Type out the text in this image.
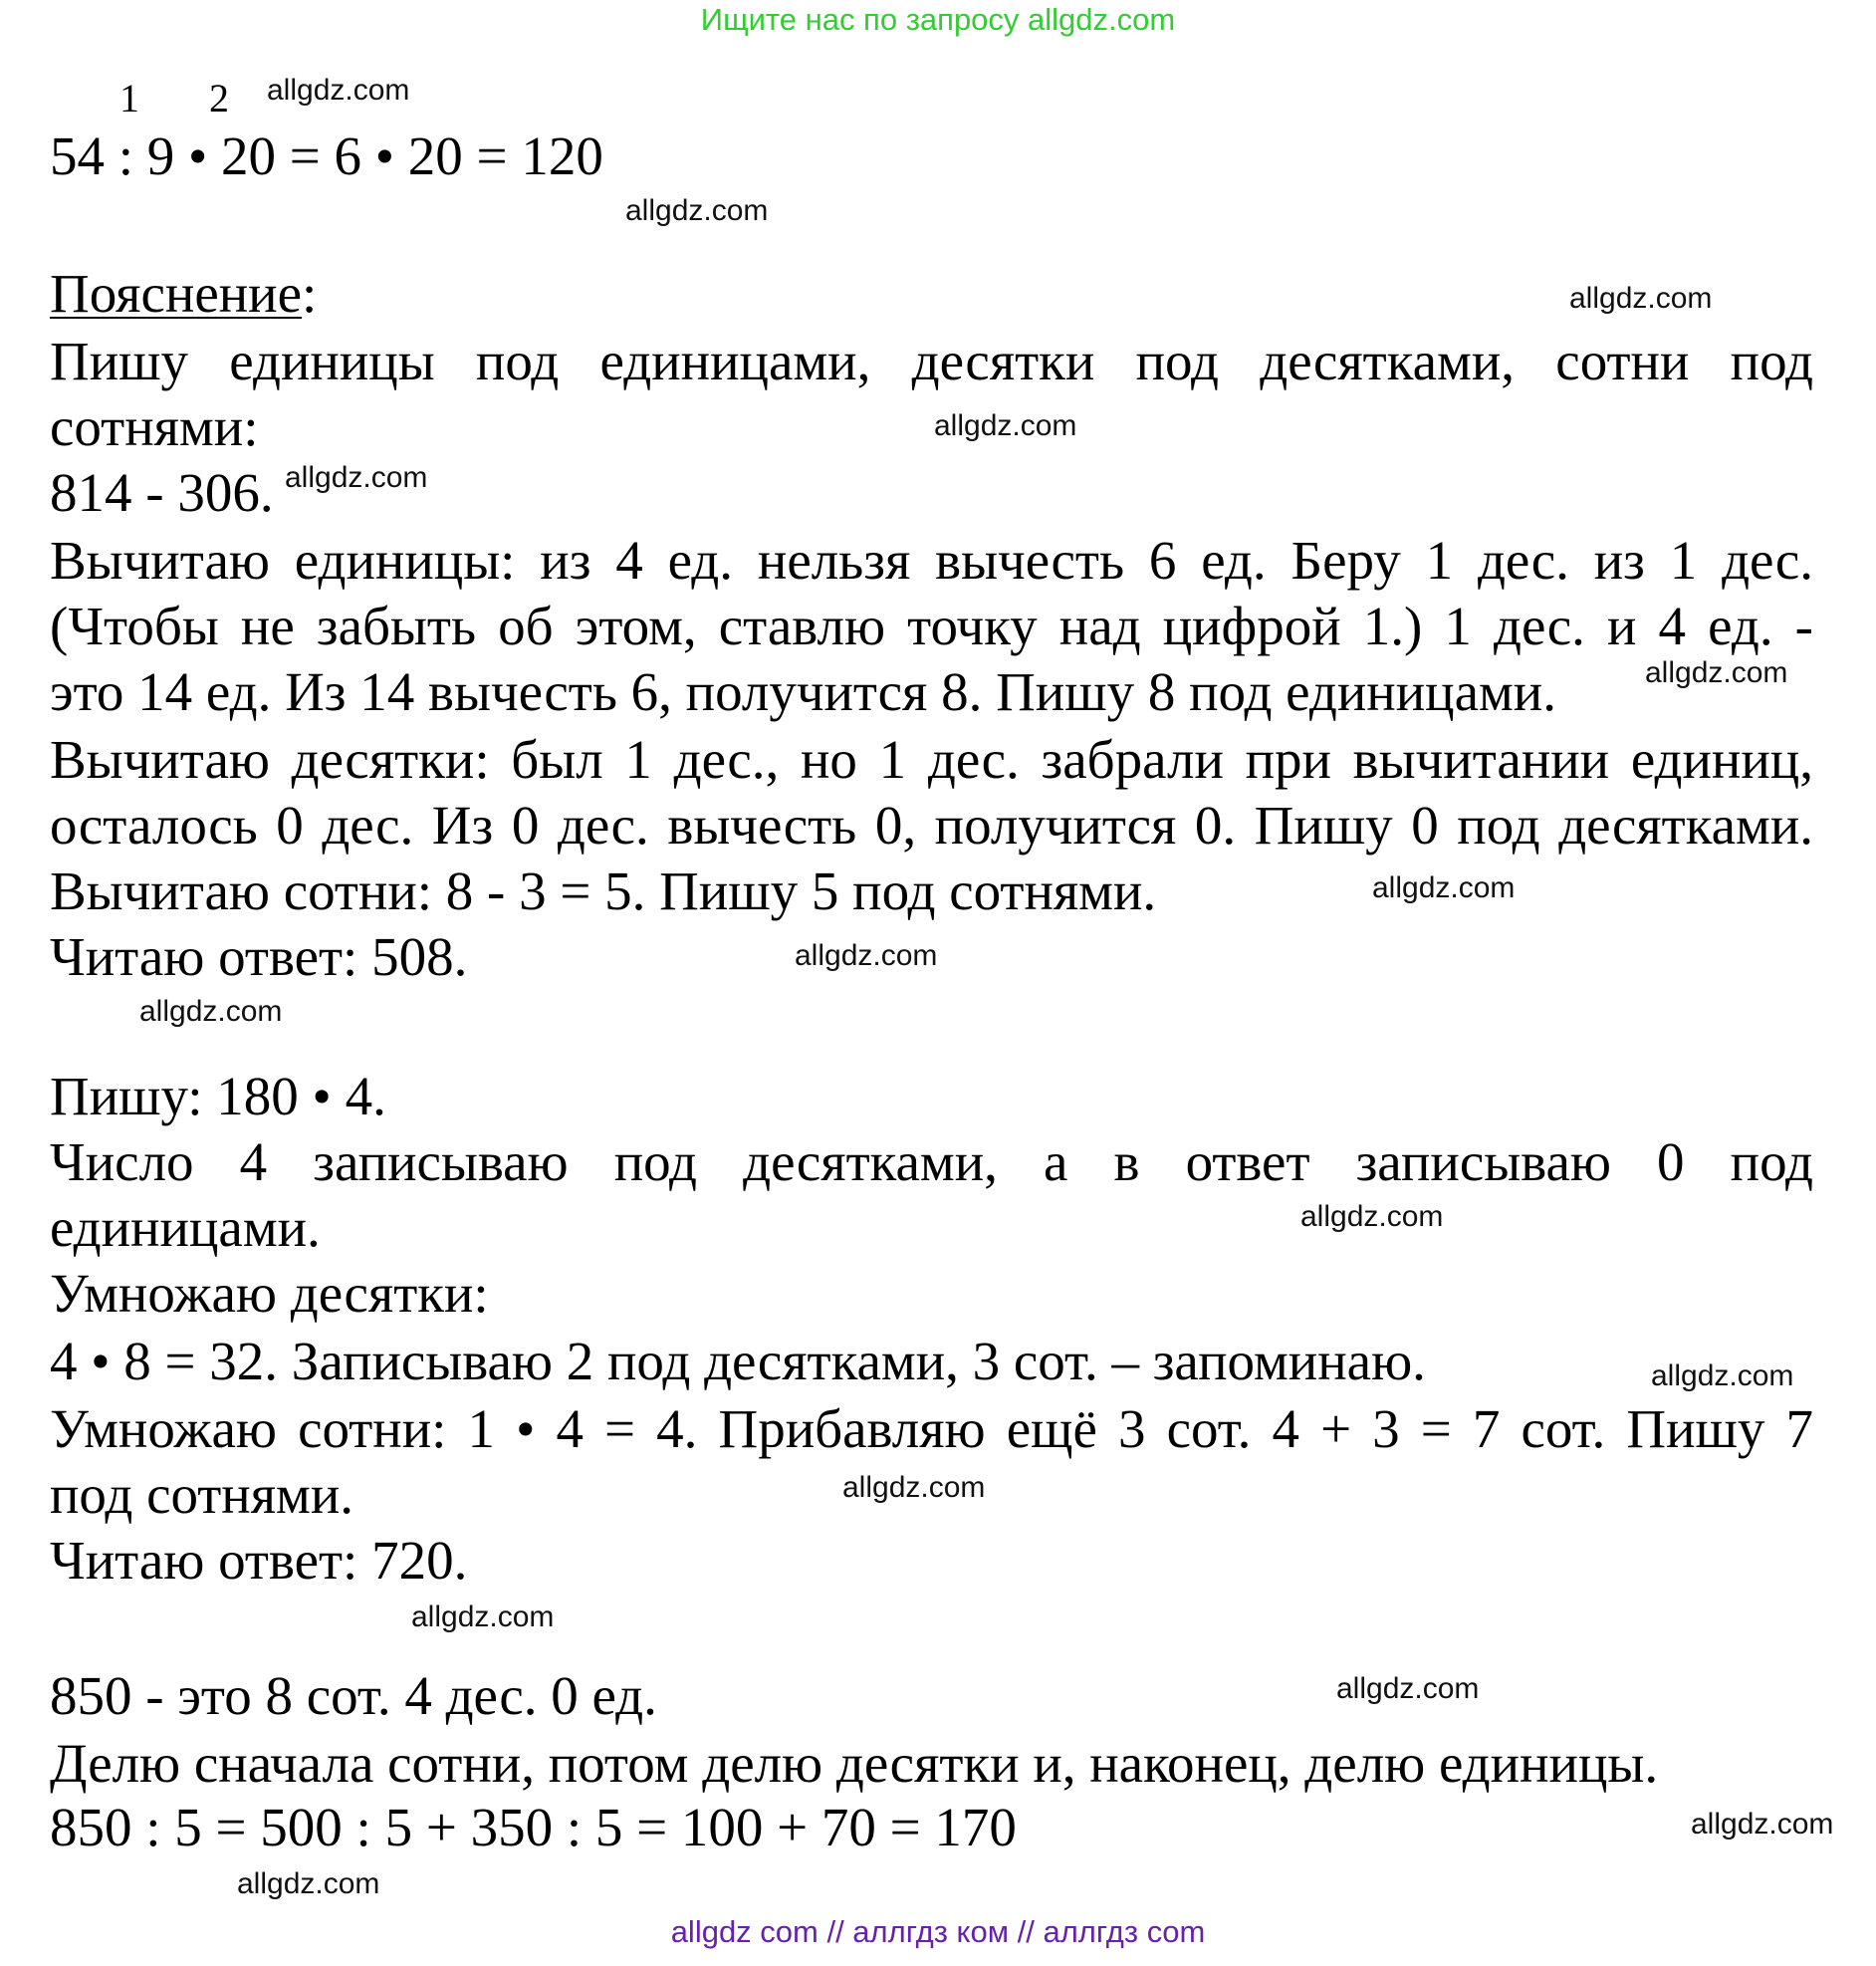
Ищите нас по запросу allgdz.com
1 2 allgdz.com
54 : 9 • 20 = 6 • 20 = 120
allgdz.com
Пояснение:	allgdz.com
Пишу единицы под единицами, десятки под десятками, сотни под
сотнями:	allgdz.com
814 - 306. allgdz.com
Вычитаю единицы: из 4 ед. нельзя вычесть 6 ед. Беру 1 дес. из 1 дес.
(Чтобы не забыть об этом, ставлю точку над цифрой 1.) 1 дес. и 4 ед. -
это 14 ед. Из 14 вычесть 6, получится 8. Пишу 8 под единицами.	allgdz.com
Вычитаю десятки: был 1 дес., но 1 дес. забрали при вычитании единиц,
осталось 0 дес. Из 0 дес. вычесть 0, получится 0. Пишу 0 под десятками.
Вычитаю сотни: 8 - 3 = 5. Пишу 5 под сотнями.	allgdz.com
Читаю ответ: 508.	allgdz.com
allgdz.com
Пишу: 180 • 4.
Число 4 записываю под десятками, а в ответ записываю 0 под
единицами.	allgdz.com
Умножаю десятки:
4 • 8 = 32. Записываю 2 под десятками, 3 сот. – запоминаю.	allgdz.com
Умножаю сотни: 1 • 4 = 4. Прибавляю ещё 3 сот. 4 + 3 = 7 сот. Пишу 7
под сотнями.	allgdz.com
Читаю ответ: 720.
allgdz.com
850 - это 8 сот. 4 дес. 0 ед.	allgdz.com
Делю сначала сотни, потом делю десятки и, наконец, делю единицы.
850 : 5 = 500 : 5 + 350 : 5 = 100 + 70 = 170	allgdz.com
allgdz.com
allgdz com // аллгдз ком // аллгдз com
